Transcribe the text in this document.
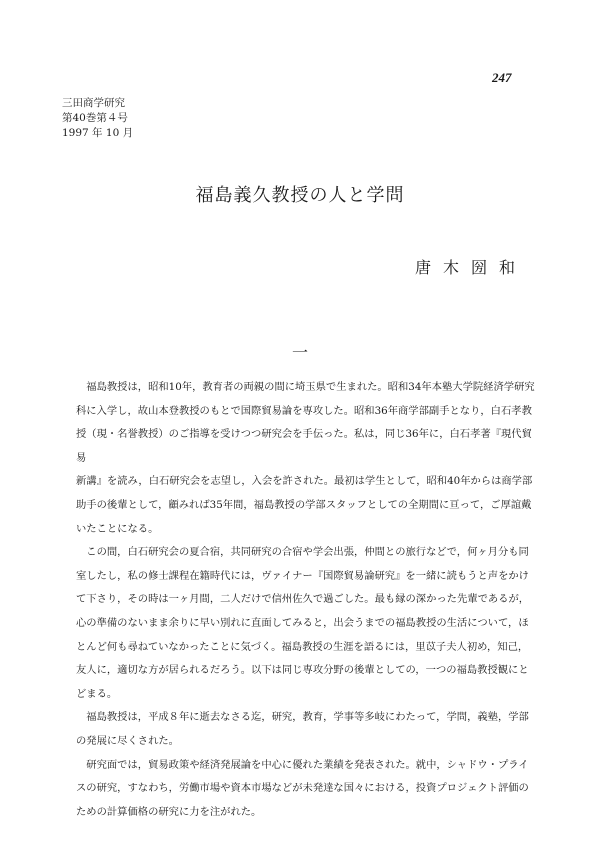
247
三田商学研究
第40巻第４号
1997 年 10 月
福島義久教授の人と学問
唐木圀和
一
　福島教授は，昭和10年，教育者の両親の間に埼玉県で生まれた。昭和34年本塾大学院経済学研究
科に入学し，故山本登教授のもとで国際貿易論を専攻した。昭和36年商学部副手となり，白石孝教
授（現・名誉教授）のご指導を受けつつ研究会を手伝った。私は，同じ36年に，白石孝著『現代貿易
新講』を読み，白石研究会を志望し，入会を許された。最初は学生として，昭和40年からは商学部
助手の後輩として，顧みれば35年間，福島教授の学部スタッフとしての全期間に亘って，ご厚誼戴
いたことになる。
　この間，白石研究会の夏合宿，共同研究の合宿や学会出張，仲間との旅行などで，何ヶ月分も同
室したし，私の修士課程在籍時代には，ヴァイナー『国際貿易論研究』を一緒に読もうと声をかけ
て下さり，その時は一ヶ月間，二人だけで信州佐久で過ごした。最も縁の深かった先輩であるが，
心の準備のないまま余りに早い別れに直面してみると，出会うまでの福島教授の生活について，ほ
とんど何も尋ねていなかったことに気づく。福島教授の生涯を語るには，里苡子夫人初め，知己，
友人に，適切な方が居られるだろう。以下は同じ専攻分野の後輩としての，一つの福島教授観にと
どまる。
　福島教授は，平成８年に逝去なさる迄，研究，教育，学事等多岐にわたって，学問，義塾，学部
の発展に尽くされた。
　研究面では，貿易政策や経済発展論を中心に優れた業績を発表された。就中，シャドウ・プライ
スの研究，すなわち，労働市場や資本市場などが未発達な国々における，投資プロジェクト評価の
ための計算価格の研究に力を注がれた。
